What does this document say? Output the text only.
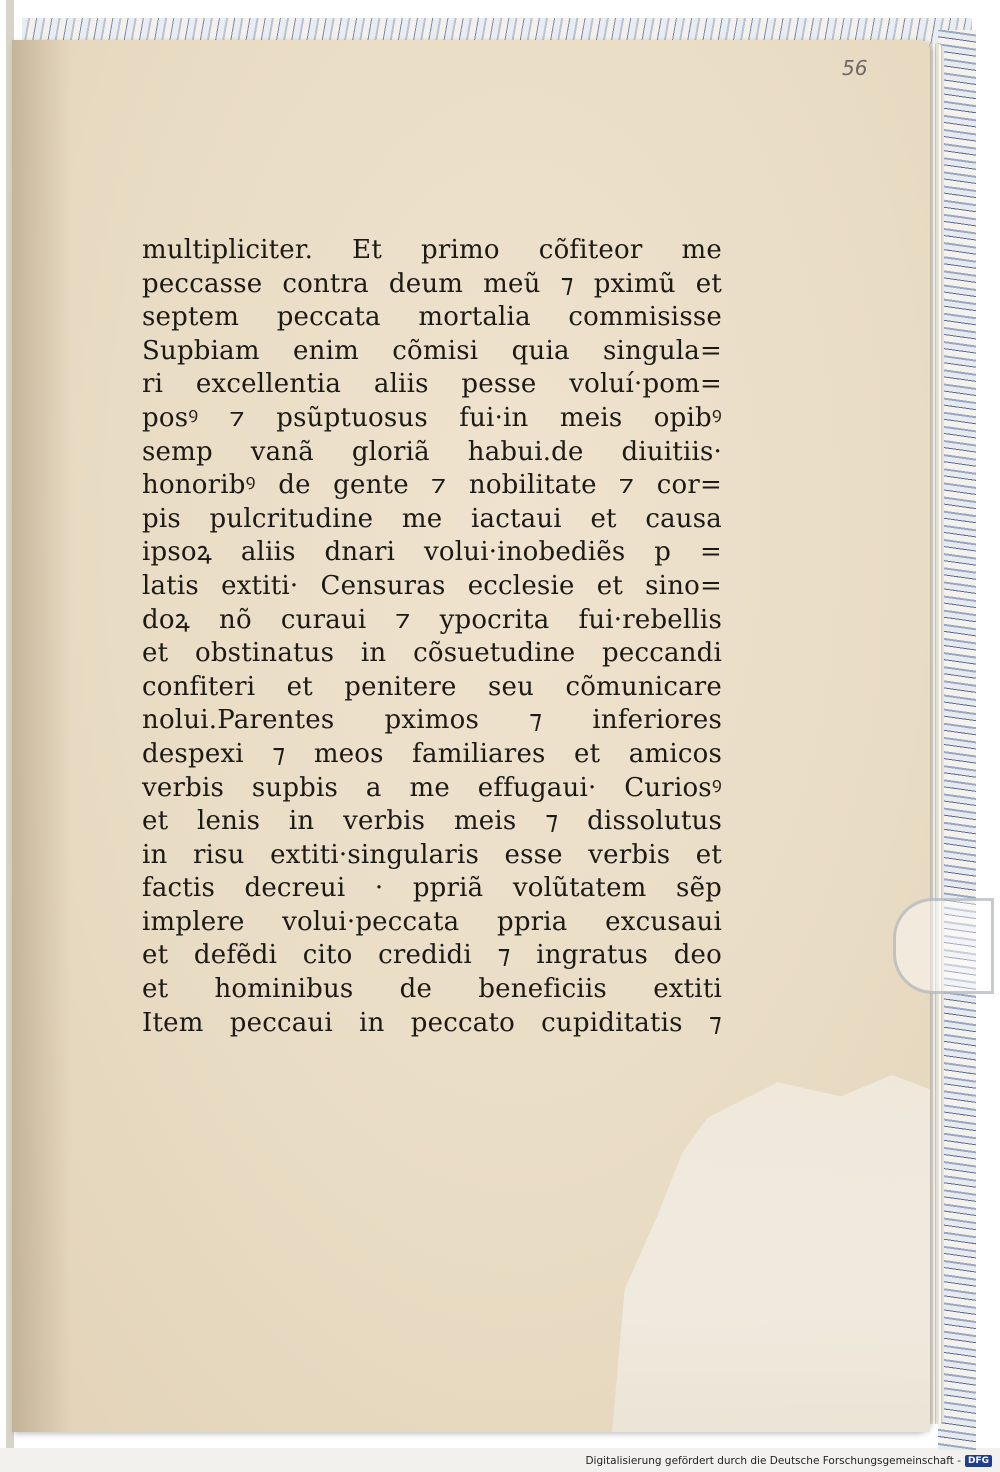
56
multipliciter. Et primo cõfiteor me
peccasse contra deum meũ ⁊ pximũ et
septem peccata mortalia commisisse
Supbiam enim cõmisi quia singula=
ri excellentia aliis pesse voluí·pom=
posꝰ ⁊ psũptuosus fui·in meis opibꝰ
semp vanã gloriã habui.de diuitiis·
honoribꝰ de gente ⁊ nobilitate ⁊ cor=
pis pulcritudine me iactaui et causa
ipsoꝝ aliis dnari volui·inobediẽs p =
latis extiti· Censuras ecclesie et sino=
doꝝ nõ curaui ⁊ ypocrita fui·rebellis
et obstinatus in cõsuetudine peccandi
confiteri et penitere seu cõmunicare
nolui.Parentes pximos ⁊ inferiores
despexi ⁊ meos familiares et amicos
verbis supbis a me effugaui· Curiosꝰ
et lenis in verbis meis ⁊ dissolutus
in risu extiti·singularis esse verbis et
factis decreui · ppriã volũtatem sẽp
implere volui·peccata ppria excusaui
et defẽdi cito credidi ⁊ ingratus deo
et hominibus de beneficiis extiti
Item peccaui in peccato cupiditatis ⁊
Digitalisierung gefördert durch die Deutsche Forschungsgemeinschaft - DFG
